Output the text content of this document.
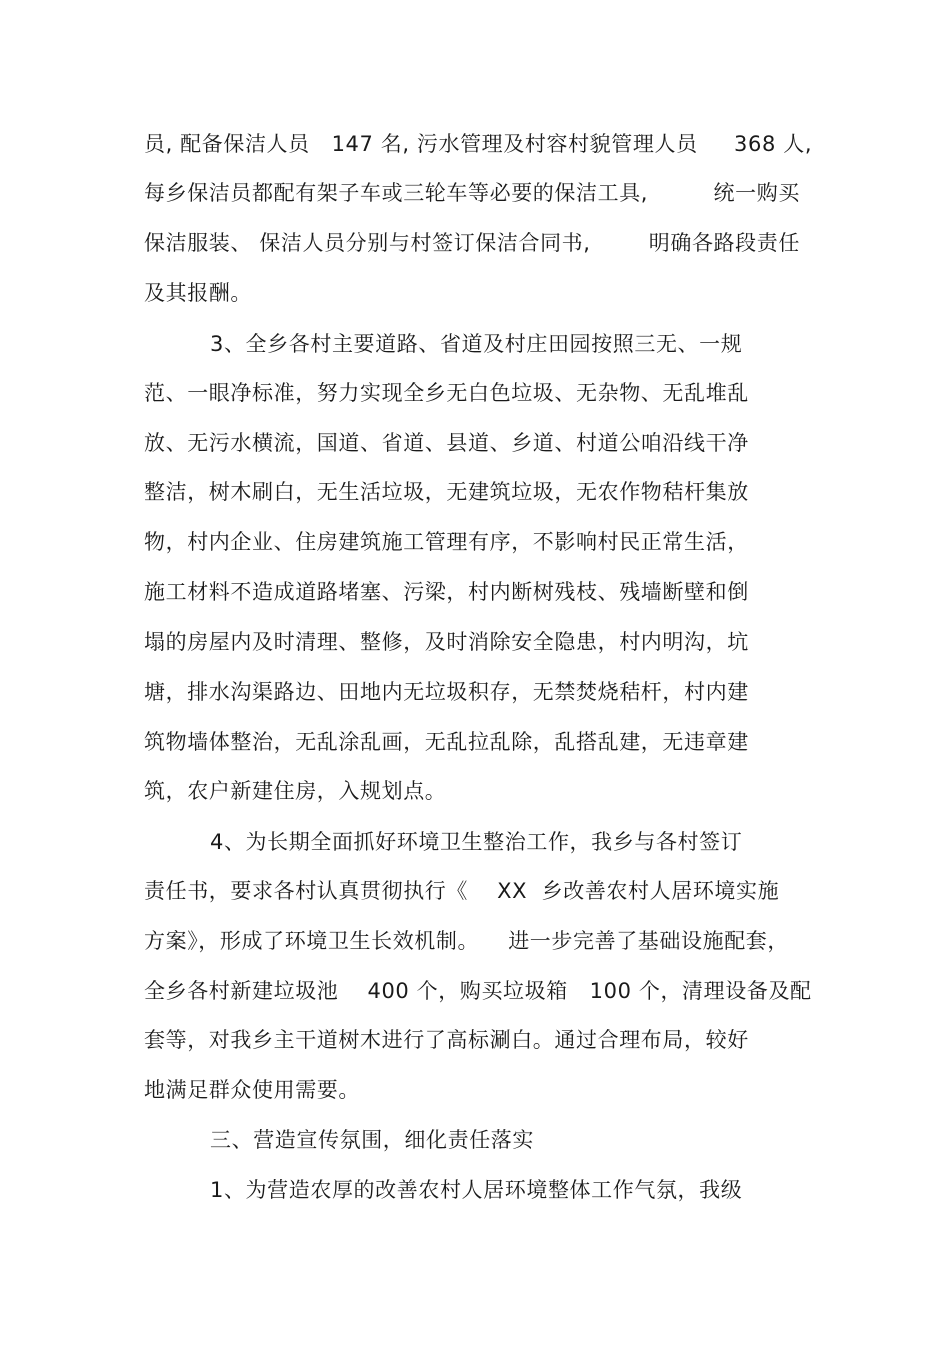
员, 配备保洁人员   147 名, 污水管理及村容村貌管理人员     368 人,
每乡保洁员都配有架子车或三轮车等必要的保洁工具,         统一购买
保洁服装、 保洁人员分别与村签订保洁合同书,        明确各路段责任
及其报酬。
3、全乡各村主要道路、省道及村庄田园按照三无、一规
范、一眼净标准，努力实现全乡无白色垃圾、无杂物、无乱堆乱
放、无污水横流，国道、省道、县道、乡道、村道公咱沿线干净
整洁，树木刷白，无生活垃圾，无建筑垃圾，无农作物秸杆集放
物，村内企业、住房建筑施工管理有序，不影响村民正常生活，
施工材料不造成道路堵塞、污梁，村内断树残枝、残墙断壁和倒
塌的房屋内及时清理、整修，及时消除安全隐患，村内明沟，坑
塘，排水沟渠路边、田地内无垃圾积存，无禁焚烧秸杆，村内建
筑物墙体整治，无乱涂乱画，无乱拉乱除，乱搭乱建，无违章建
筑，农户新建住房，入规划点。
4、为长期全面抓好环境卫生整治工作，我乡与各村签订
责任书，要求各村认真贯彻执行《    XX  乡改善农村人居环境实施
方案》，形成了环境卫生长效机制。    进一步完善了基础设施配套，
全乡各村新建垃圾池    400 个，购买垃圾箱   100 个，清理设备及配
套等，对我乡主干道树木进行了高标涮白。通过合理布局，较好
地满足群众使用需要。
三、营造宣传氛围，细化责任落实
1、为营造农厚的改善农村人居环境整体工作气氛，我级
